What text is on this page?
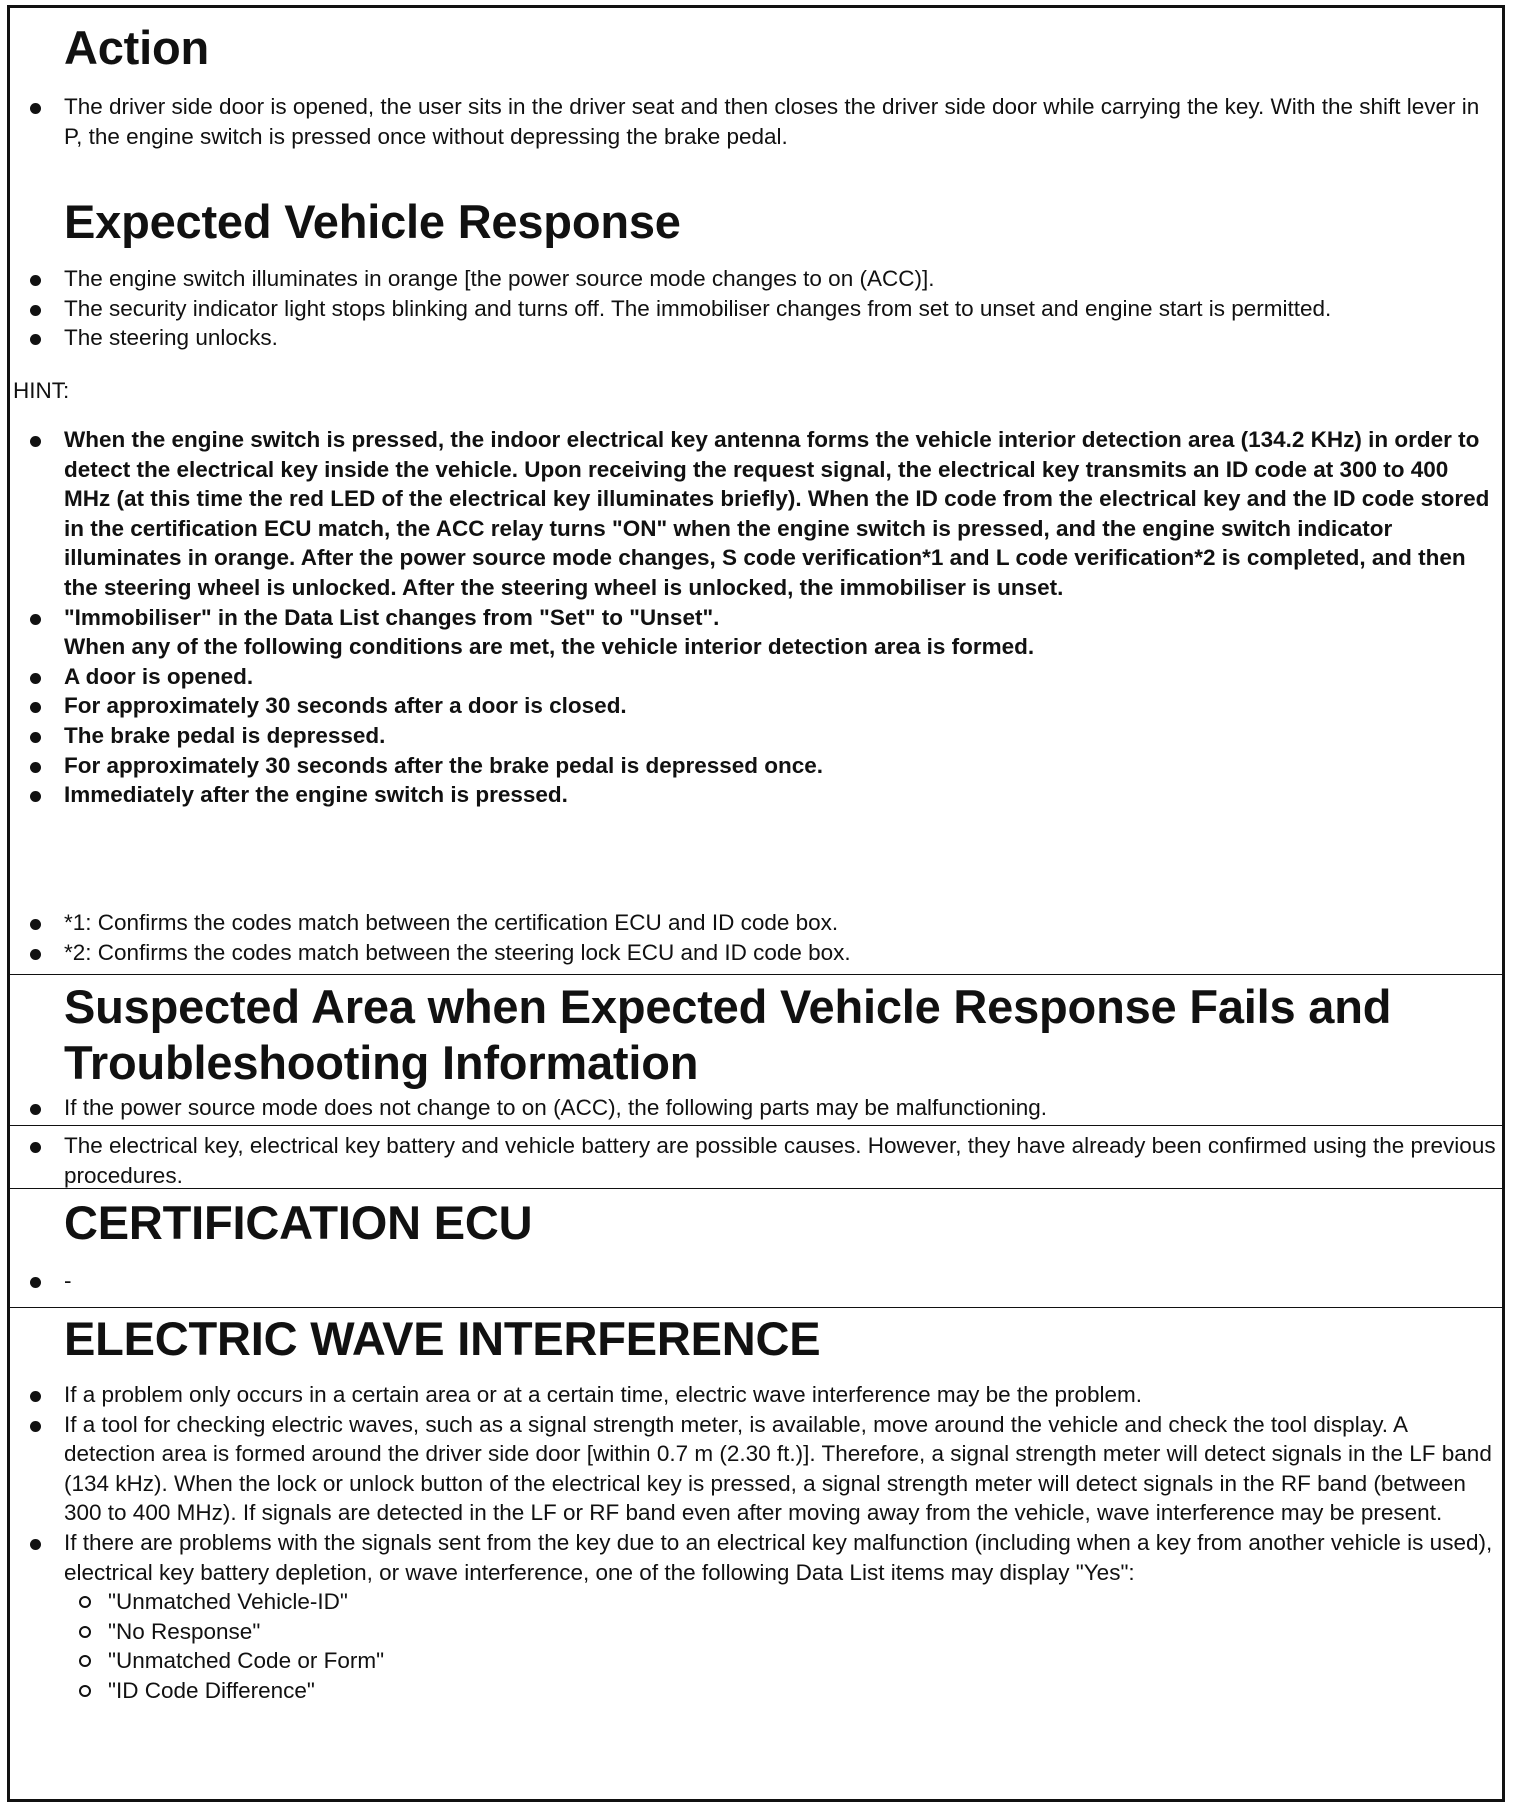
Action
The driver side door is opened, the user sits in the driver seat and then closes the driver side door while carrying the key. With the shift lever in P, the engine switch is pressed once without depressing the brake pedal.
Expected Vehicle Response
The engine switch illuminates in orange [the power source mode changes to on (ACC)].
The security indicator light stops blinking and turns off. The immobiliser changes from set to unset and engine start is permitted.
The steering unlocks.
HINT:
When the engine switch is pressed, the indoor electrical key antenna forms the vehicle interior detection area (134.2 KHz) in order to detect the electrical key inside the vehicle. Upon receiving the request signal, the electrical key transmits an ID code at 300 to 400 MHz (at this time the red LED of the electrical key illuminates briefly). When the ID code from the electrical key and the ID code stored in the certification ECU match, the ACC relay turns "ON" when the engine switch is pressed, and the engine switch indicator illuminates in orange. After the power source mode changes, S code verification*1 and L code verification*2 is completed, and then the steering wheel is unlocked. After the steering wheel is unlocked, the immobiliser is unset.
"Immobiliser" in the Data List changes from "Set" to "Unset".
When any of the following conditions are met, the vehicle interior detection area is formed.
A door is opened.
For approximately 30 seconds after a door is closed.
The brake pedal is depressed.
For approximately 30 seconds after the brake pedal is depressed once.
Immediately after the engine switch is pressed.
*1: Confirms the codes match between the certification ECU and ID code box.
*2: Confirms the codes match between the steering lock ECU and ID code box.
Suspected Area when Expected Vehicle Response Fails and
Troubleshooting Information
If the power source mode does not change to on (ACC), the following parts may be malfunctioning.
The electrical key, electrical key battery and vehicle battery are possible causes. However, they have already been confirmed using the previous procedures.
CERTIFICATION ECU
-
ELECTRIC WAVE INTERFERENCE
If a problem only occurs in a certain area or at a certain time, electric wave interference may be the problem.
If a tool for checking electric waves, such as a signal strength meter, is available, move around the vehicle and check the tool display. A detection area is formed around the driver side door [within 0.7 m (2.30 ft.)]. Therefore, a signal strength meter will detect signals in the LF band (134 kHz). When the lock or unlock button of the electrical key is pressed, a signal strength meter will detect signals in the RF band (between 300 to 400 MHz). If signals are detected in the LF or RF band even after moving away from the vehicle, wave interference may be present.
If there are problems with the signals sent from the key due to an electrical key malfunction (including when a key from another vehicle is used), electrical key battery depletion, or wave interference, one of the following Data List items may display "Yes":
"Unmatched Vehicle-ID"
"No Response"
"Unmatched Code or Form"
"ID Code Difference"
